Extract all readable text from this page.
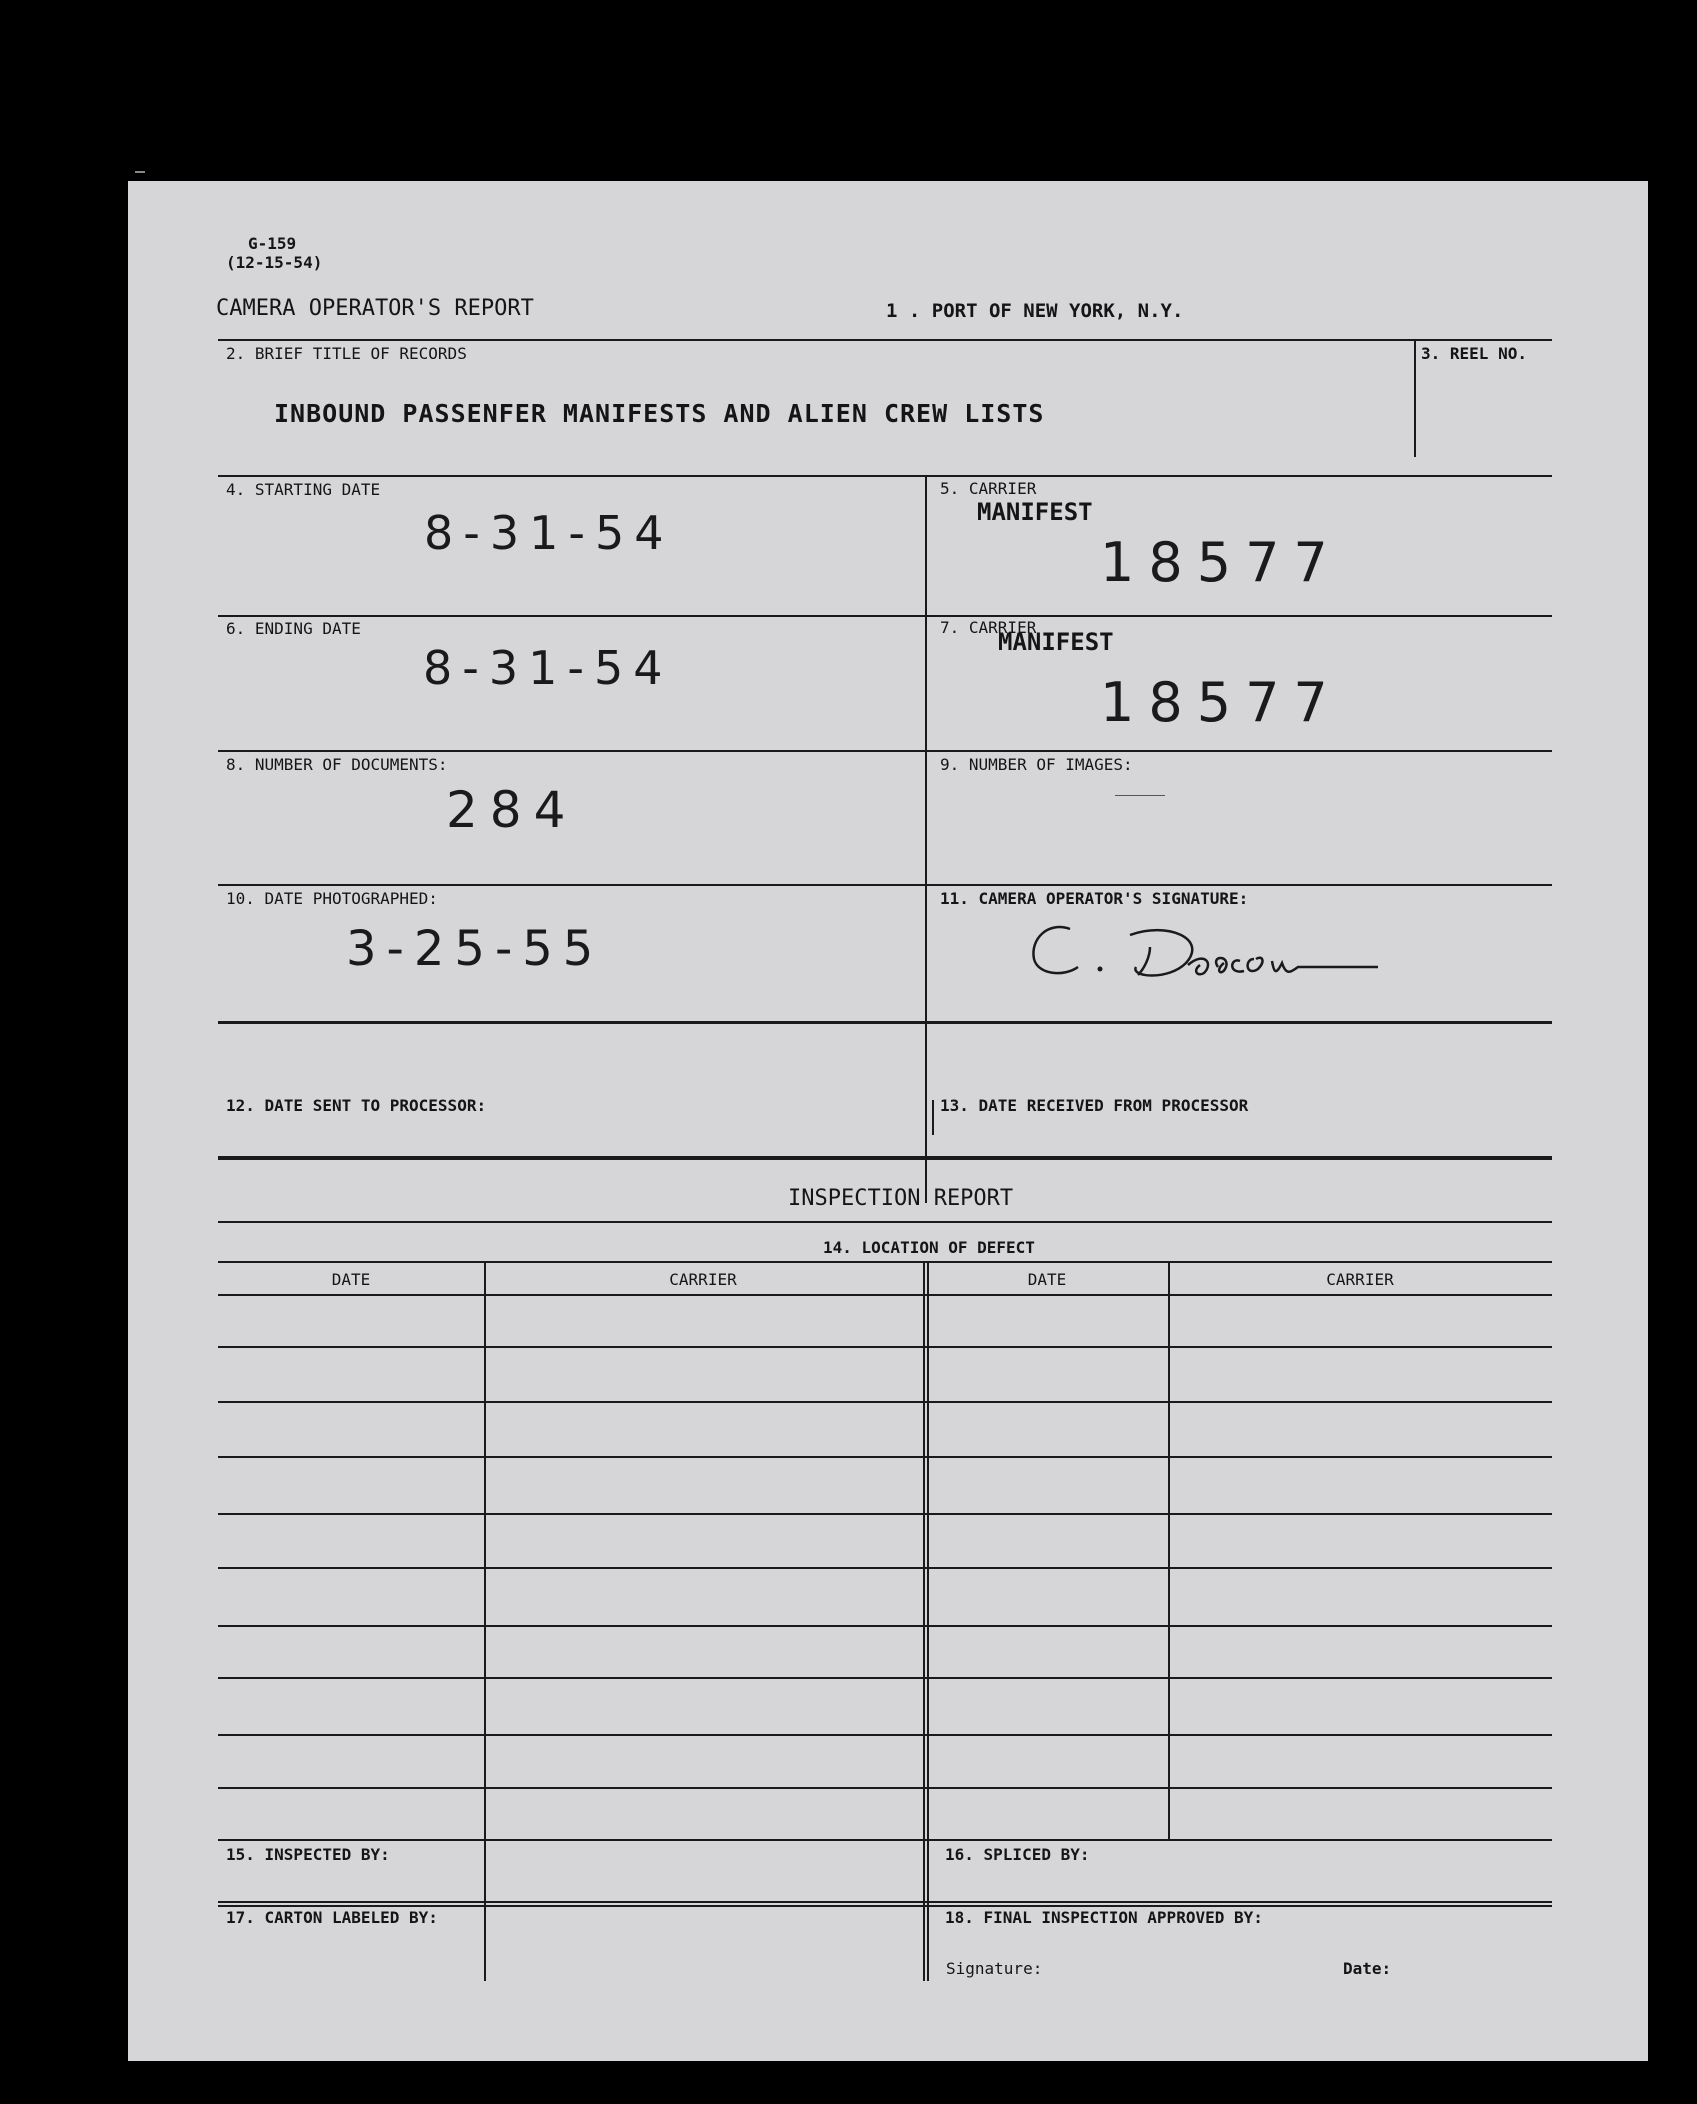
G-159
(12-15-54)
CAMERA OPERATOR'S REPORT	1 . PORT OF NEW YORK, N.Y.
2. BRIEF TITLE OF RECORDS
INBOUND PASSENFER MANIFESTS AND ALIEN CREW LISTS
3. REEL NO.
4. STARTING DATE
8-31-54
5. CARRIER
MANIFEST
18577
6. ENDING DATE
8-31-54
7. CARRIER
MANIFEST
18577
8. NUMBER OF DOCUMENTS:
284
9. NUMBER OF IMAGES:
10. DATE PHOTOGRAPHED:
3-25-55
11. CAMERA OPERATOR'S SIGNATURE:
12. DATE SENT TO PROCESSOR:	13. DATE RECEIVED FROM PROCESSOR
INSPECTION REPORT
14. LOCATION OF DEFECT
DATE	CARRIER	DATE	CARRIER
15. INSPECTED BY:	16. SPLICED BY:
17. CARTON LABELED BY:	18. FINAL INSPECTION APPROVED BY:
Signature:	Date:
